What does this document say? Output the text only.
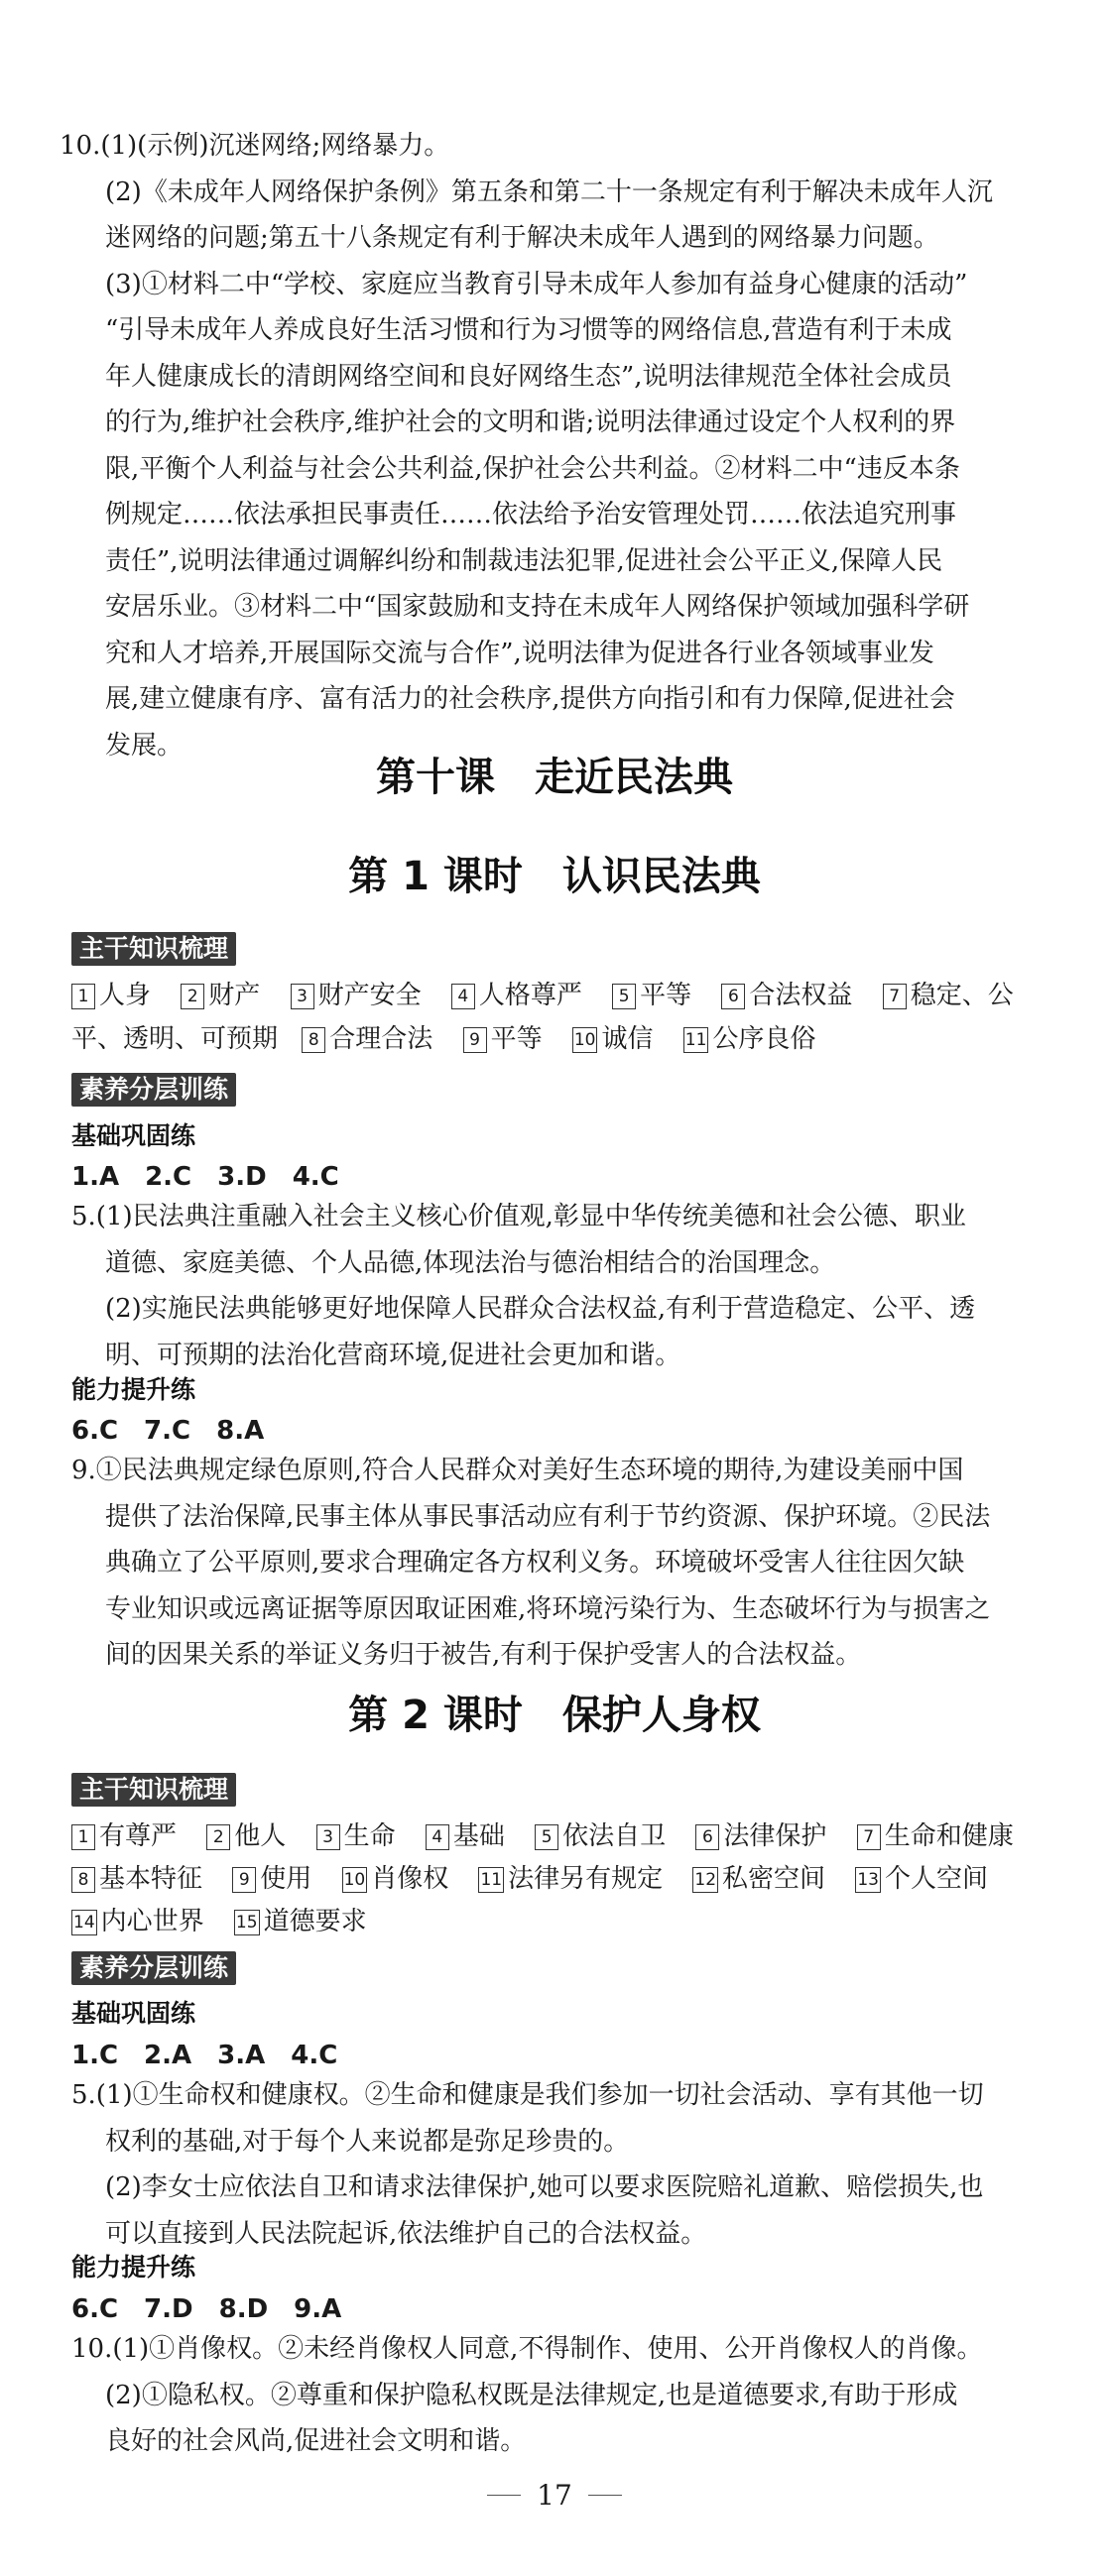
10.(1)(示例)沉迷网络;网络暴力。
(2)《未成年人网络保护条例》第五条和第二十一条规定有利于解决未成年人沉
迷网络的问题;第五十八条规定有利于解决未成年人遇到的网络暴力问题。
(3)①材料二中“学校、家庭应当教育引导未成年人参加有益身心健康的活动”
“引导未成年人养成良好生活习惯和行为习惯等的网络信息,营造有利于未成
年人健康成长的清朗网络空间和良好网络生态”,说明法律规范全体社会成员
的行为,维护社会秩序,维护社会的文明和谐;说明法律通过设定个人权利的界
限,平衡个人利益与社会公共利益,保护社会公共利益。②材料二中“违反本条
例规定……依法承担民事责任……依法给予治安管理处罚……依法追究刑事
责任”,说明法律通过调解纠纷和制裁违法犯罪,促进社会公平正义,保障人民
安居乐业。③材料二中“国家鼓励和支持在未成年人网络保护领域加强科学研
究和人才培养,开展国际交流与合作”,说明法律为促进各行业各领域事业发
展,建立健康有序、富有活力的社会秩序,提供方向指引和有力保障,促进社会
发展。
第十课　走近民法典
第 1 课时　认识民法典
主干知识梳理
1 人身 2 财产 3 财产安全 4 人格尊严 5 平等 6 合法权益 7 稳定、公
平、透明、可预期 8 合理合法 9 平等 10 诚信 11 公序良俗
素养分层训练
基础巩固练
1.A　2.C　3.D　4.C
5.(1)民法典注重融入社会主义核心价值观,彰显中华传统美德和社会公德、职业
道德、家庭美德、个人品德,体现法治与德治相结合的治国理念。
(2)实施民法典能够更好地保障人民群众合法权益,有利于营造稳定、公平、透
明、可预期的法治化营商环境,促进社会更加和谐。
能力提升练
6.C　7.C　8.A
9.①民法典规定绿色原则,符合人民群众对美好生态环境的期待,为建设美丽中国
提供了法治保障,民事主体从事民事活动应有利于节约资源、保护环境。②民法
典确立了公平原则,要求合理确定各方权利义务。环境破坏受害人往往因欠缺
专业知识或远离证据等原因取证困难,将环境污染行为、生态破坏行为与损害之
间的因果关系的举证义务归于被告,有利于保护受害人的合法权益。
第 2 课时　保护人身权
主干知识梳理
1 有尊严 2 他人 3 生命 4 基础 5 依法自卫 6 法律保护 7 生命和健康
8 基本特征 9 使用 10 肖像权 11 法律另有规定 12 私密空间 13 个人空间
14 内心世界 15 道德要求
素养分层训练
基础巩固练
1.C　2.A　3.A　4.C
5.(1)①生命权和健康权。②生命和健康是我们参加一切社会活动、享有其他一切
权利的基础,对于每个人来说都是弥足珍贵的。
(2)李女士应依法自卫和请求法律保护,她可以要求医院赔礼道歉、赔偿损失,也
可以直接到人民法院起诉,依法维护自己的合法权益。
能力提升练
6.C　7.D　8.D　9.A
10.(1)①肖像权。②未经肖像权人同意,不得制作、使用、公开肖像权人的肖像。
(2)①隐私权。②尊重和保护隐私权既是法律规定,也是道德要求,有助于形成
良好的社会风尚,促进社会文明和谐。
17
